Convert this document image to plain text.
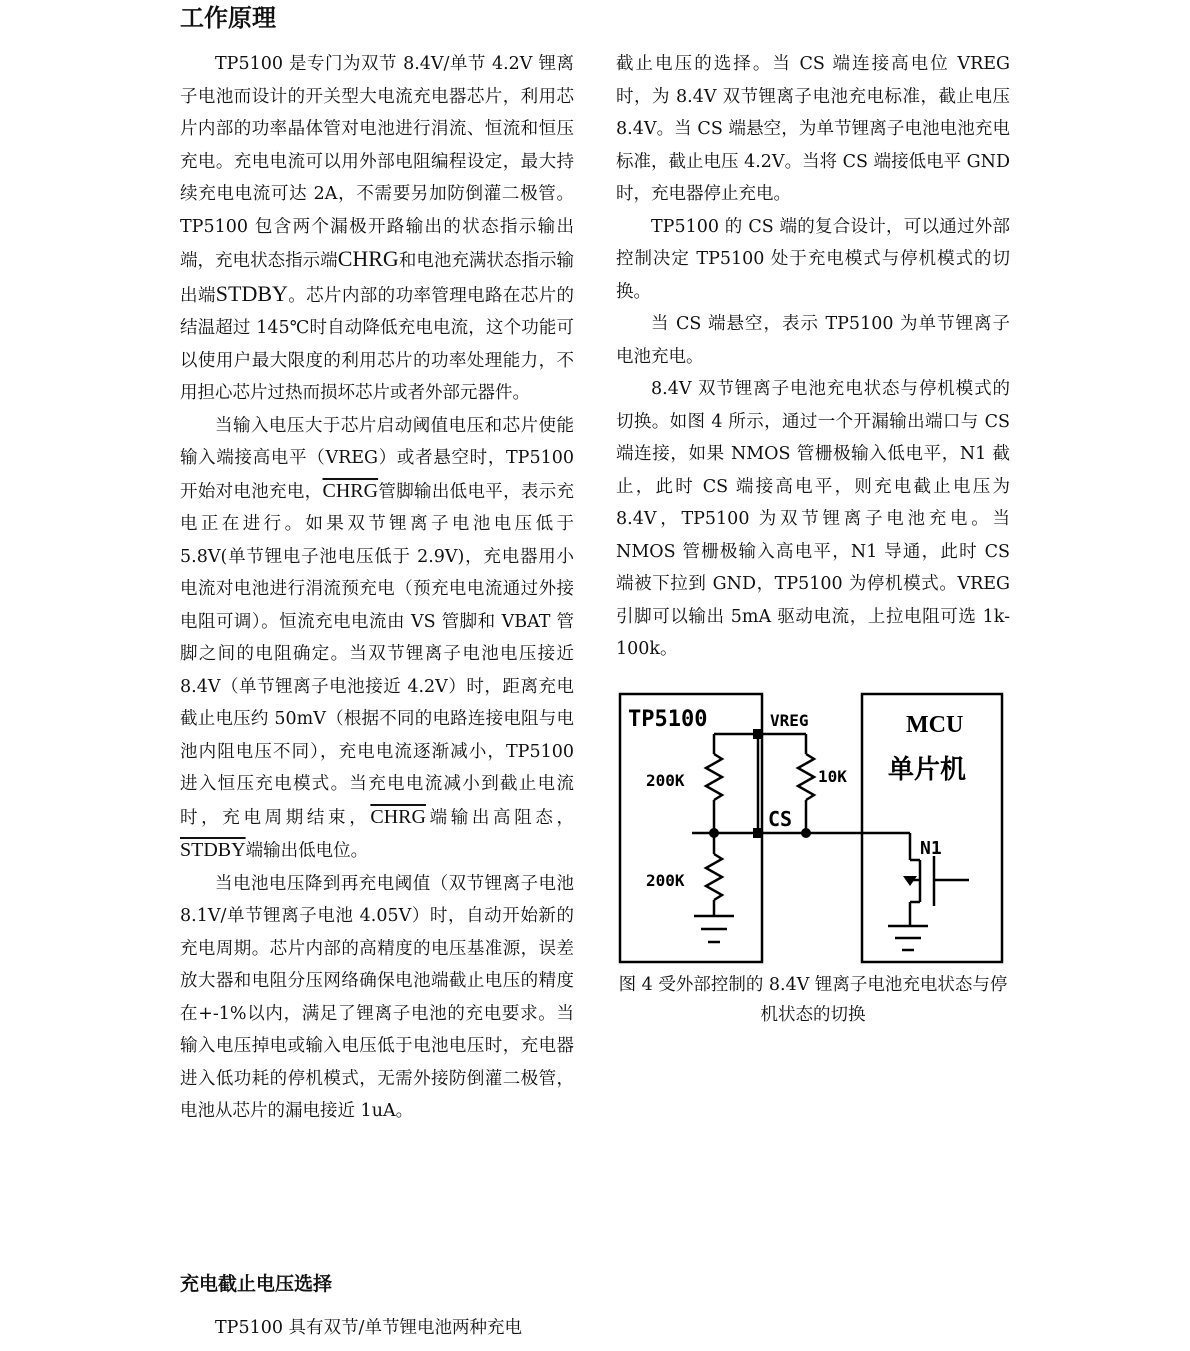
工作原理

TP5100 是专门为双节 8.4V/单节 4.2V 锂离子电池而设计的开关型大电流充电器芯片，利用芯片内部的功率晶体管对电池进行涓流、恒流和恒压充电。充电电流可以用外部电阻编程设定，最大持续充电电流可达 2A，不需要另加防倒灌二极管。TP5100 包含两个漏极开路输出的状态指示输出端，充电状态指示端CHRG和电池充满状态指示输出端STDBY。芯片内部的功率管理电路在芯片的结温超过 145℃时自动降低充电电流，这个功能可以使用户最大限度的利用芯片的功率处理能力，不用担心芯片过热而损坏芯片或者外部元器件。

当输入电压大于芯片启动阈值电压和芯片使能输入端接高电平（VREG）或者悬空时，TP5100 开始对电池充电，CHRG管脚输出低电平，表示充电正在进行。如果双节锂离子电池电压低于 5.8V(单节锂电子池电压低于 2.9V)，充电器用小电流对电池进行涓流预充电（预充电电流通过外接电阻可调）。恒流充电电流由 VS 管脚和 VBAT 管脚之间的电阻确定。当双节锂离子电池电压接近 8.4V（单节锂离子电池接近 4.2V）时，距离充电截止电压约 50mV（根据不同的电路连接电阻与电池内阻电压不同），充电电流逐渐减小，TP5100 进入恒压充电模式。当充电电流减小到截止电流时，充电周期结束，CHRG端输出高阻态，STDBY端输出低电位。

当电池电压降到再充电阈值（双节锂离子电池 8.1V/单节锂离子电池 4.05V）时，自动开始新的充电周期。芯片内部的高精度的电压基准源，误差放大器和电阻分压网络确保电池端截止电压的精度在+-1%以内，满足了锂离子电池的充电要求。当输入电压掉电或输入电压低于电池电压时，充电器进入低功耗的停机模式，无需外接防倒灌二极管，电池从芯片的漏电接近 1uA。

充电截止电压选择

TP5100 具有双节/单节锂电池两种充电

截止电压的选择。当 CS 端连接高电位 VREG 时，为 8.4V 双节锂离子电池充电标准，截止电压 8.4V。当 CS 端悬空，为单节锂离子电池电池充电标准，截止电压 4.2V。当将 CS 端接低电平 GND 时，充电器停止充电。

TP5100 的 CS 端的复合设计，可以通过外部控制决定 TP5100 处于充电模式与停机模式的切换。

当 CS 端悬空，表示 TP5100 为单节锂离子电池充电。

8.4V 双节锂离子电池充电状态与停机模式的切换。如图 4 所示，通过一个开漏输出端口与 CS 端连接，如果 NMOS 管栅极输入低电平，N1 截止，此时 CS 端接高电平，则充电截止电压为 8.4V，TP5100 为双节锂离子电池充电。当 NMOS 管栅极输入高电平，N1 导通，此时 CS 端被下拉到 GND，TP5100 为停机模式。VREG 引脚可以输出 5mA 驱动电流，上拉电阻可选 1k-100k。

TP5100	VREG	MCU
单片机
200K	10K
CS
200K
N1
图 4 受外部控制的 8.4V 锂离子电池充电状态与停机状态的切换
